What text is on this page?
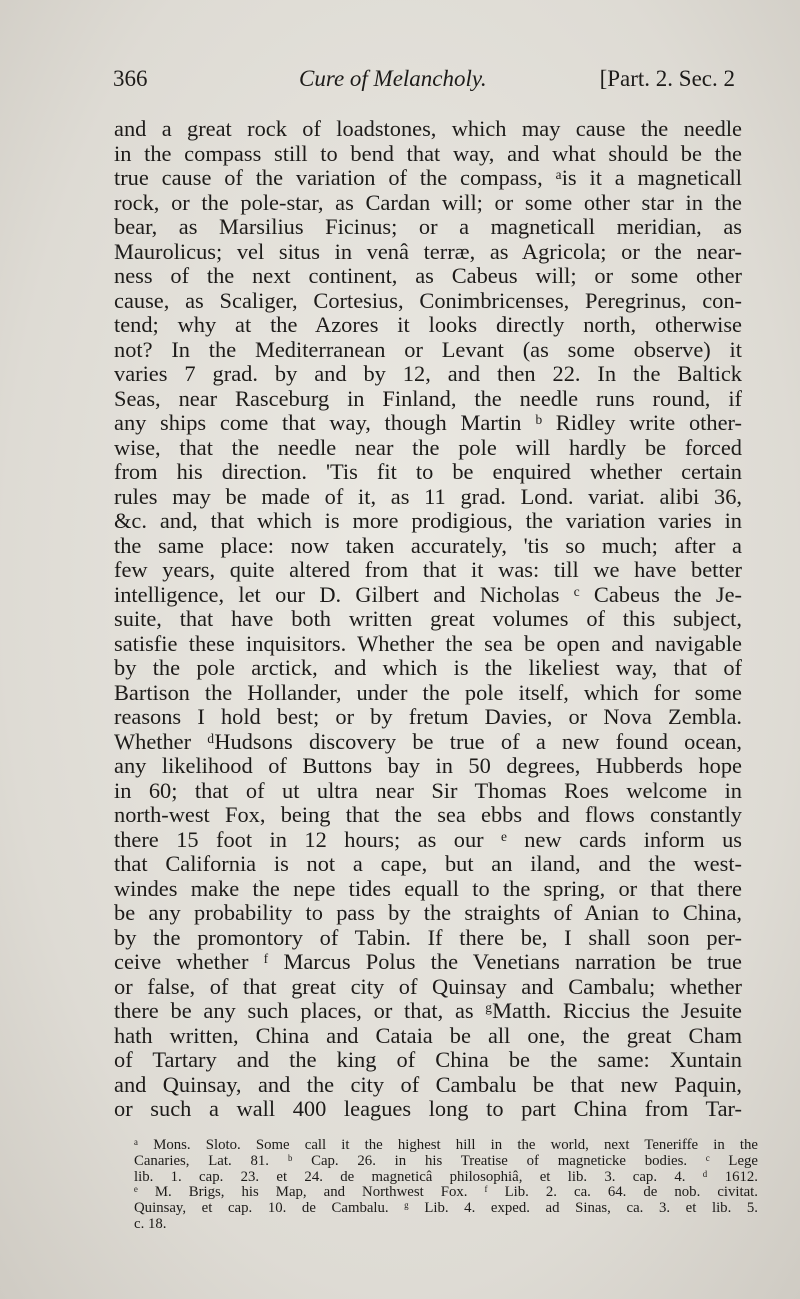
366	Cure of Melancholy.	[Part. 2. Sec. 2
and a great rock of loadstones, which may cause the needle
in the compass still to bend that way, and what should be the
true cause of the variation of the compass, ᵃis it a magneticall
rock, or the pole-star, as Cardan will; or some other star in the
bear, as Marsilius Ficinus; or a magneticall meridian, as
Maurolicus; vel situs in venâ terræ, as Agricola; or the near-
ness of the next continent, as Cabeus will; or some other
cause, as Scaliger, Cortesius, Conimbricenses, Peregrinus, con-
tend; why at the Azores it looks directly north, otherwise
not? In the Mediterranean or Levant (as some observe) it
varies 7 grad. by and by 12, and then 22. In the Baltick
Seas, near Rasceburg in Finland, the needle runs round, if
any ships come that way, though Martin ᵇ Ridley write other-
wise, that the needle near the pole will hardly be forced
from his direction. 'Tis fit to be enquired whether certain
rules may be made of it, as 11 grad. Lond. variat. alibi 36,
&c. and, that which is more prodigious, the variation varies in
the same place: now taken accurately, 'tis so much; after a
few years, quite altered from that it was: till we have better
intelligence, let our D. Gilbert and Nicholas ᶜ Cabeus the Je-
suite, that have both written great volumes of this subject,
satisfie these inquisitors. Whether the sea be open and navigable
by the pole arctick, and which is the likeliest way, that of
Bartison the Hollander, under the pole itself, which for some
reasons I hold best; or by fretum Davies, or Nova Zembla.
Whether ᵈHudsons discovery be true of a new found ocean,
any likelihood of Buttons bay in 50 degrees, Hubberds hope
in 60; that of ut ultra near Sir Thomas Roes welcome in
north-west Fox, being that the sea ebbs and flows constantly
there 15 foot in 12 hours; as our ᵉ new cards inform us
that California is not a cape, but an iland, and the west-
windes make the nepe tides equall to the spring, or that there
be any probability to pass by the straights of Anian to China,
by the promontory of Tabin. If there be, I shall soon per-
ceive whether ᶠ Marcus Polus the Venetians narration be true
or false, of that great city of Quinsay and Cambalu; whether
there be any such places, or that, as ᵍMatth. Riccius the Jesuite
hath written, China and Cataia be all one, the great Cham
of Tartary and the king of China be the same: Xuntain
and Quinsay, and the city of Cambalu be that new Paquin,
or such a wall 400 leagues long to part China from Tar-
ᵃ Mons. Sloto. Some call it the highest hill in the world, next Teneriffe in the
Canaries, Lat. 81. ᵇ Cap. 26. in his Treatise of magneticke bodies. ᶜ Lege
lib. 1. cap. 23. et 24. de magneticâ philosophiâ, et lib. 3. cap. 4. ᵈ 1612.
ᵉ M. Brigs, his Map, and Northwest Fox. ᶠ Lib. 2. ca. 64. de nob. civitat.
Quinsay, et cap. 10. de Cambalu. ᵍ Lib. 4. exped. ad Sinas, ca. 3. et lib. 5.
c. 18.
